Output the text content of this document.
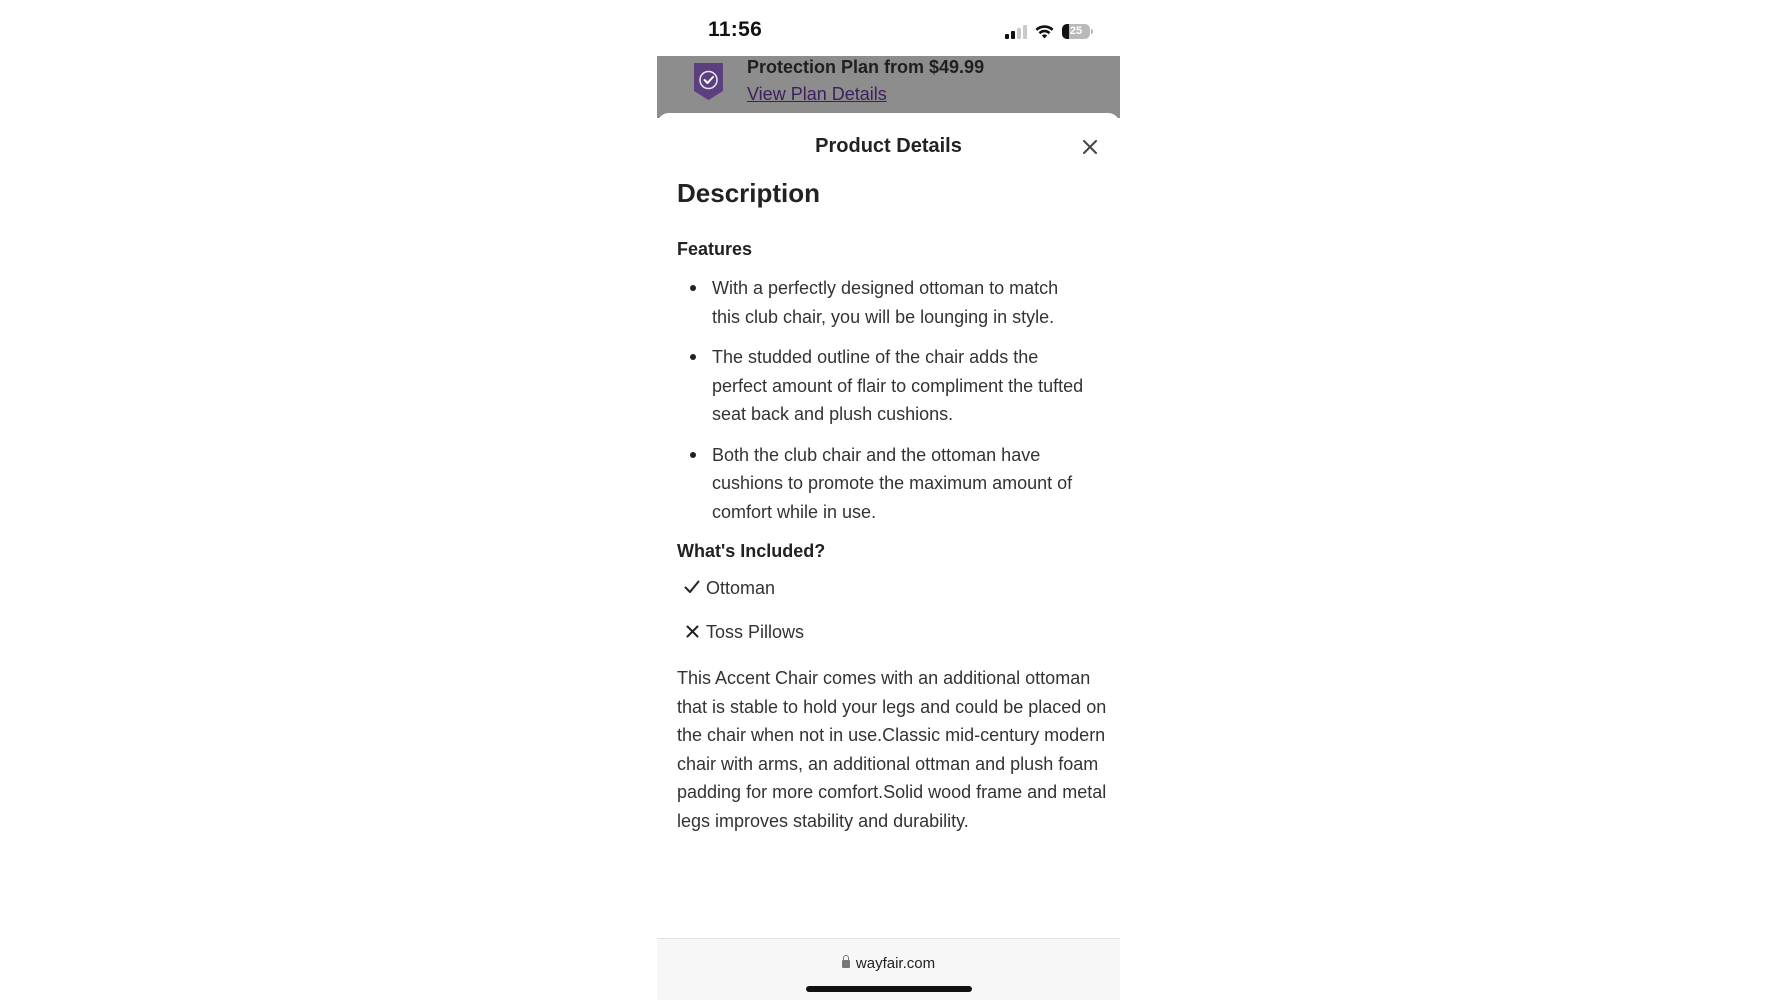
11:56	25
Protection Plan from $49.99
View Plan Details
Product Details
Description
Features
With a perfectly designed ottoman to match this club chair, you will be lounging in style.
The studded outline of the chair adds the perfect amount of flair to compliment the tufted seat back and plush cushions.
Both the club chair and the ottoman have cushions to promote the maximum amount of comfort while in use.
What's Included?
Ottoman
Toss Pillows
This Accent Chair comes with an additional ottoman that is stable to hold your legs and could be placed on the chair when not in use.Classic mid-century modern chair with arms, an additional ottman and plush foam padding for more comfort.Solid wood frame and metal legs improves stability and durability.
wayfair.com
